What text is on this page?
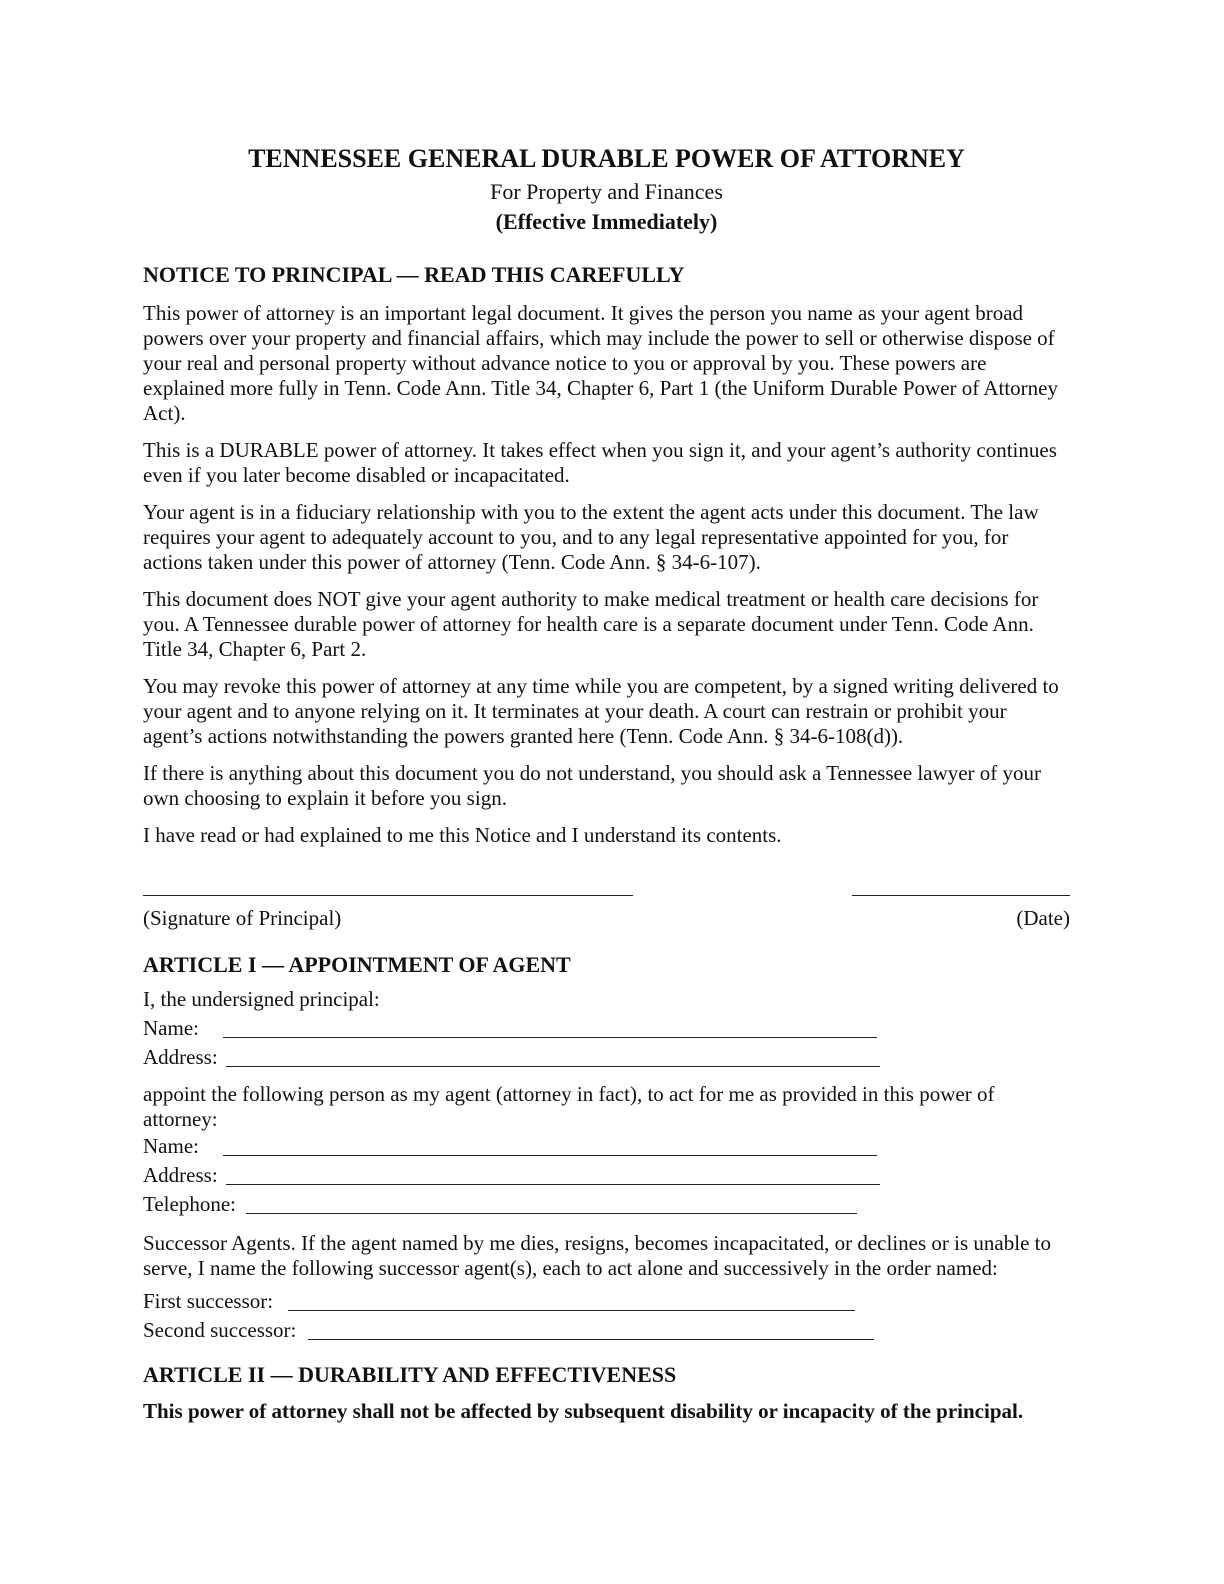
TENNESSEE GENERAL DURABLE POWER OF ATTORNEY

For Property and Finances

(Effective Immediately)

NOTICE TO PRINCIPAL — READ THIS CAREFULLY

This power of attorney is an important legal document. It gives the person you name as your agent broad powers over your property and financial affairs, which may include the power to sell or otherwise dispose of your real and personal property without advance notice to you or approval by you. These powers are explained more fully in Tenn. Code Ann. Title 34, Chapter 6, Part 1 (the Uniform Durable Power of Attorney Act).

This is a DURABLE power of attorney. It takes effect when you sign it, and your agent’s authority continues even if you later become disabled or incapacitated.

Your agent is in a fiduciary relationship with you to the extent the agent acts under this document. The law requires your agent to adequately account to you, and to any legal representative appointed for you, for actions taken under this power of attorney (Tenn. Code Ann. § 34-6-107).

This document does NOT give your agent authority to make medical treatment or health care decisions for you. A Tennessee durable power of attorney for health care is a separate document under Tenn. Code Ann. Title 34, Chapter 6, Part 2.

You may revoke this power of attorney at any time while you are competent, by a signed writing delivered to your agent and to anyone relying on it. It terminates at your death. A court can restrain or prohibit your agent’s actions notwithstanding the powers granted here (Tenn. Code Ann. § 34-6-108(d)).

If there is anything about this document you do not understand, you should ask a Tennessee lawyer of your own choosing to explain it before you sign.

I have read or had explained to me this Notice and I understand its contents.

(Signature of Principal)	(Date)
ARTICLE I — APPOINTMENT OF AGENT

I, the undersigned principal:

Name:
Address:

appoint the following person as my agent (attorney in fact), to act for me as provided in this power of attorney:

Name:
Address:
Telephone:

Successor Agents. If the agent named by me dies, resigns, becomes incapacitated, or declines or is unable to serve, I name the following successor agent(s), each to act alone and successively in the order named:

First successor:
Second successor:
ARTICLE II — DURABILITY AND EFFECTIVENESS

This power of attorney shall not be affected by subsequent disability or incapacity of the principal.
